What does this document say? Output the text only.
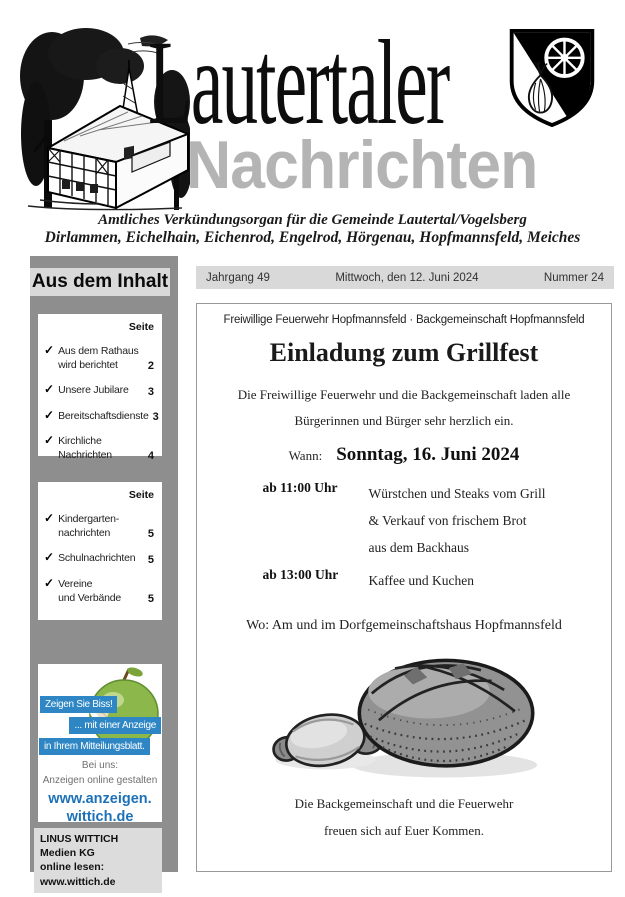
Nachrichten
Lautertaler
Amtliches Verkündungsorgan für die Gemeinde Lautertal/Vogelsberg
Dirlammen, Eichelhain, Eichenrod, Engelrod, Hörgenau, Hopfmannsfeld, Meiches
Jahrgang 49	Mittwoch, den 12. Juni 2024	Nummer 24
Aus dem Inhalt
Seite
✓ Aus dem Rathaus
wird berichtet	2
✓ Unsere Jubilare	3
✓ Bereitschaftsdienste 3
✓ Kirchliche
Nachrichten	4
Seite
✓ Kindergarten-
nachrichten	5
✓ Schulnachrichten	5
✓ Vereine
und Verbände	5
Zeigen Sie Biss!
... mit einer Anzeige
in Ihrem Mitteilungsblatt.
Bei uns:
Anzeigen online gestalten
www.anzeigen.
wittich.de
LINUS WITTICH Medien KG
online lesen: www.wittich.de
Freiwillige Feuerwehr Hopfmannsfeld · Backgemeinschaft Hopfmannsfeld
Einladung zum Grillfest
Die Freiwillige Feuerwehr und die Backgemeinschaft laden alle
Bürgerinnen und Bürger sehr herzlich ein.
Wann: Sonntag, 16. Juni 2024
ab 11:00 Uhr	Würstchen und Steaks vom Grill
& Verkauf von frischem Brot
aus dem Backhaus
ab 13:00 Uhr	Kaffee und Kuchen
Wo: Am und im Dorfgemeinschaftshaus Hopfmannsfeld
Die Backgemeinschaft und die Feuerwehr
freuen sich auf Euer Kommen.
